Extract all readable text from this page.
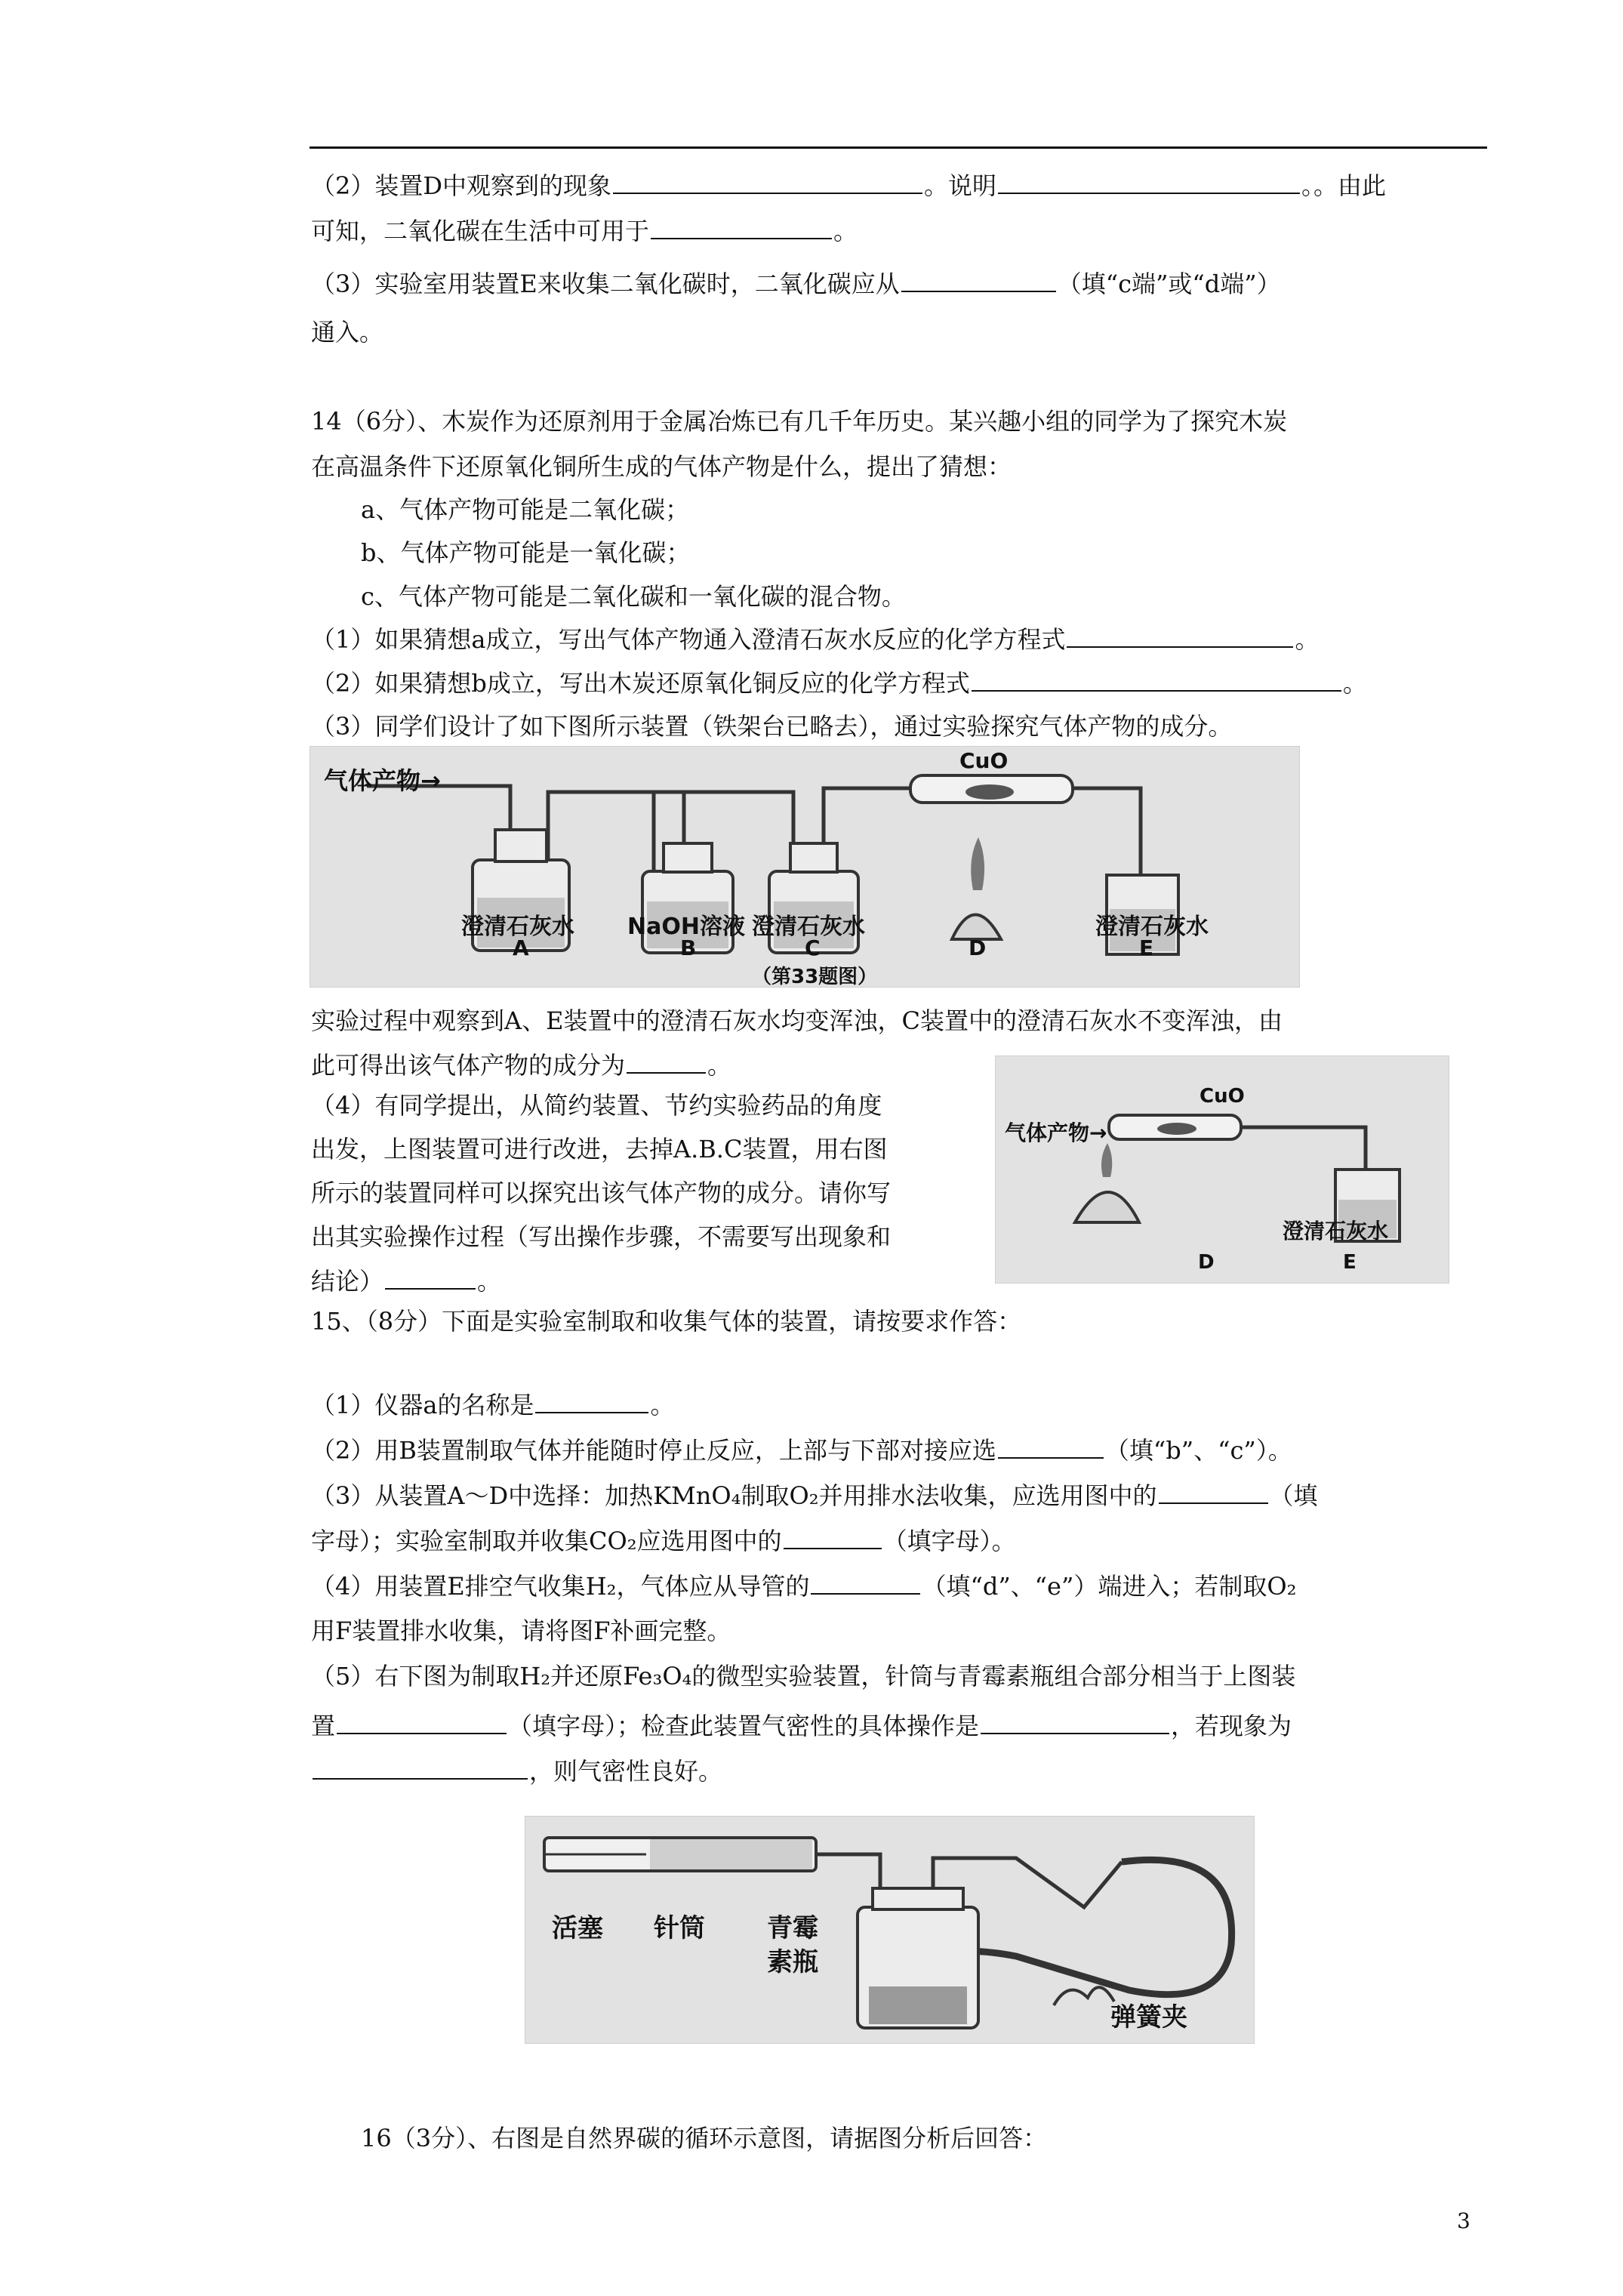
（2）装置D中观察到的现象	。说明	。。由此
可知，二氧化碳在生活中可用于	。
（3）实验室用装置E来收集二氧化碳时，二氧化碳应从	（填“c端”或“d端”）
通入。
14（6分）、木炭作为还原剂用于金属冶炼已有几千年历史。某兴趣小组的同学为了探究木炭
在高温条件下还原氧化铜所生成的气体产物是什么，提出了猜想：
a、气体产物可能是二氧化碳；
b、气体产物可能是一氧化碳；
c、气体产物可能是二氧化碳和一氧化碳的混合物。
（1）如果猜想a成立，写出气体产物通入澄清石灰水反应的化学方程式	。
（2）如果猜想b成立，写出木炭还原氧化铜反应的化学方程式	。
（3）同学们设计了如下图所示装置（铁架台已略去），通过实验探究气体产物的成分。
气体产物→
CuO
澄清石灰水 NaOH溶液 澄清石灰水	澄清石灰水
A	B	C	D	E
（第33题图）
实验过程中观察到A、E装置中的澄清石灰水均变浑浊，C装置中的澄清石灰水不变浑浊，由
此可得出该气体产物的成分为	。
（4）有同学提出，从简约装置、节约实验药品的角度
出发，上图装置可进行改进，去掉A.B.C装置，用右图
所示的装置同样可以探究出该气体产物的成分。请你写
出其实验操作过程（写出操作步骤，不需要写出现象和
结论）	。
CuO
气体产物→
澄清石灰水
D	E
15、（8分）下面是实验室制取和收集气体的装置，请按要求作答：
（1）仪器a的名称是	。
（2）用B装置制取气体并能随时停止反应，上部与下部对接应选	（填“b”、“c”）。
（3）从装置A～D中选择：加热KMnO₄制取O₂并用排水法收集，应选用图中的	（填
字母）；实验室制取并收集CO₂应选用图中的	（填字母）。
（4）用装置E排空气收集H₂，气体应从导管的	（填“d”、“e”）端进入；若制取O₂
用F装置排水收集，请将图F补画完整。
（5）右下图为制取H₂并还原Fe₃O₄的微型实验装置，针筒与青霉素瓶组合部分相当于上图装
置	（填字母）；检查此装置气密性的具体操作是	，若现象为
，则气密性良好。
活塞 针筒 青霉
素瓶
弹簧夹
16（3分）、右图是自然界碳的循环示意图，请据图分析后回答：
3
